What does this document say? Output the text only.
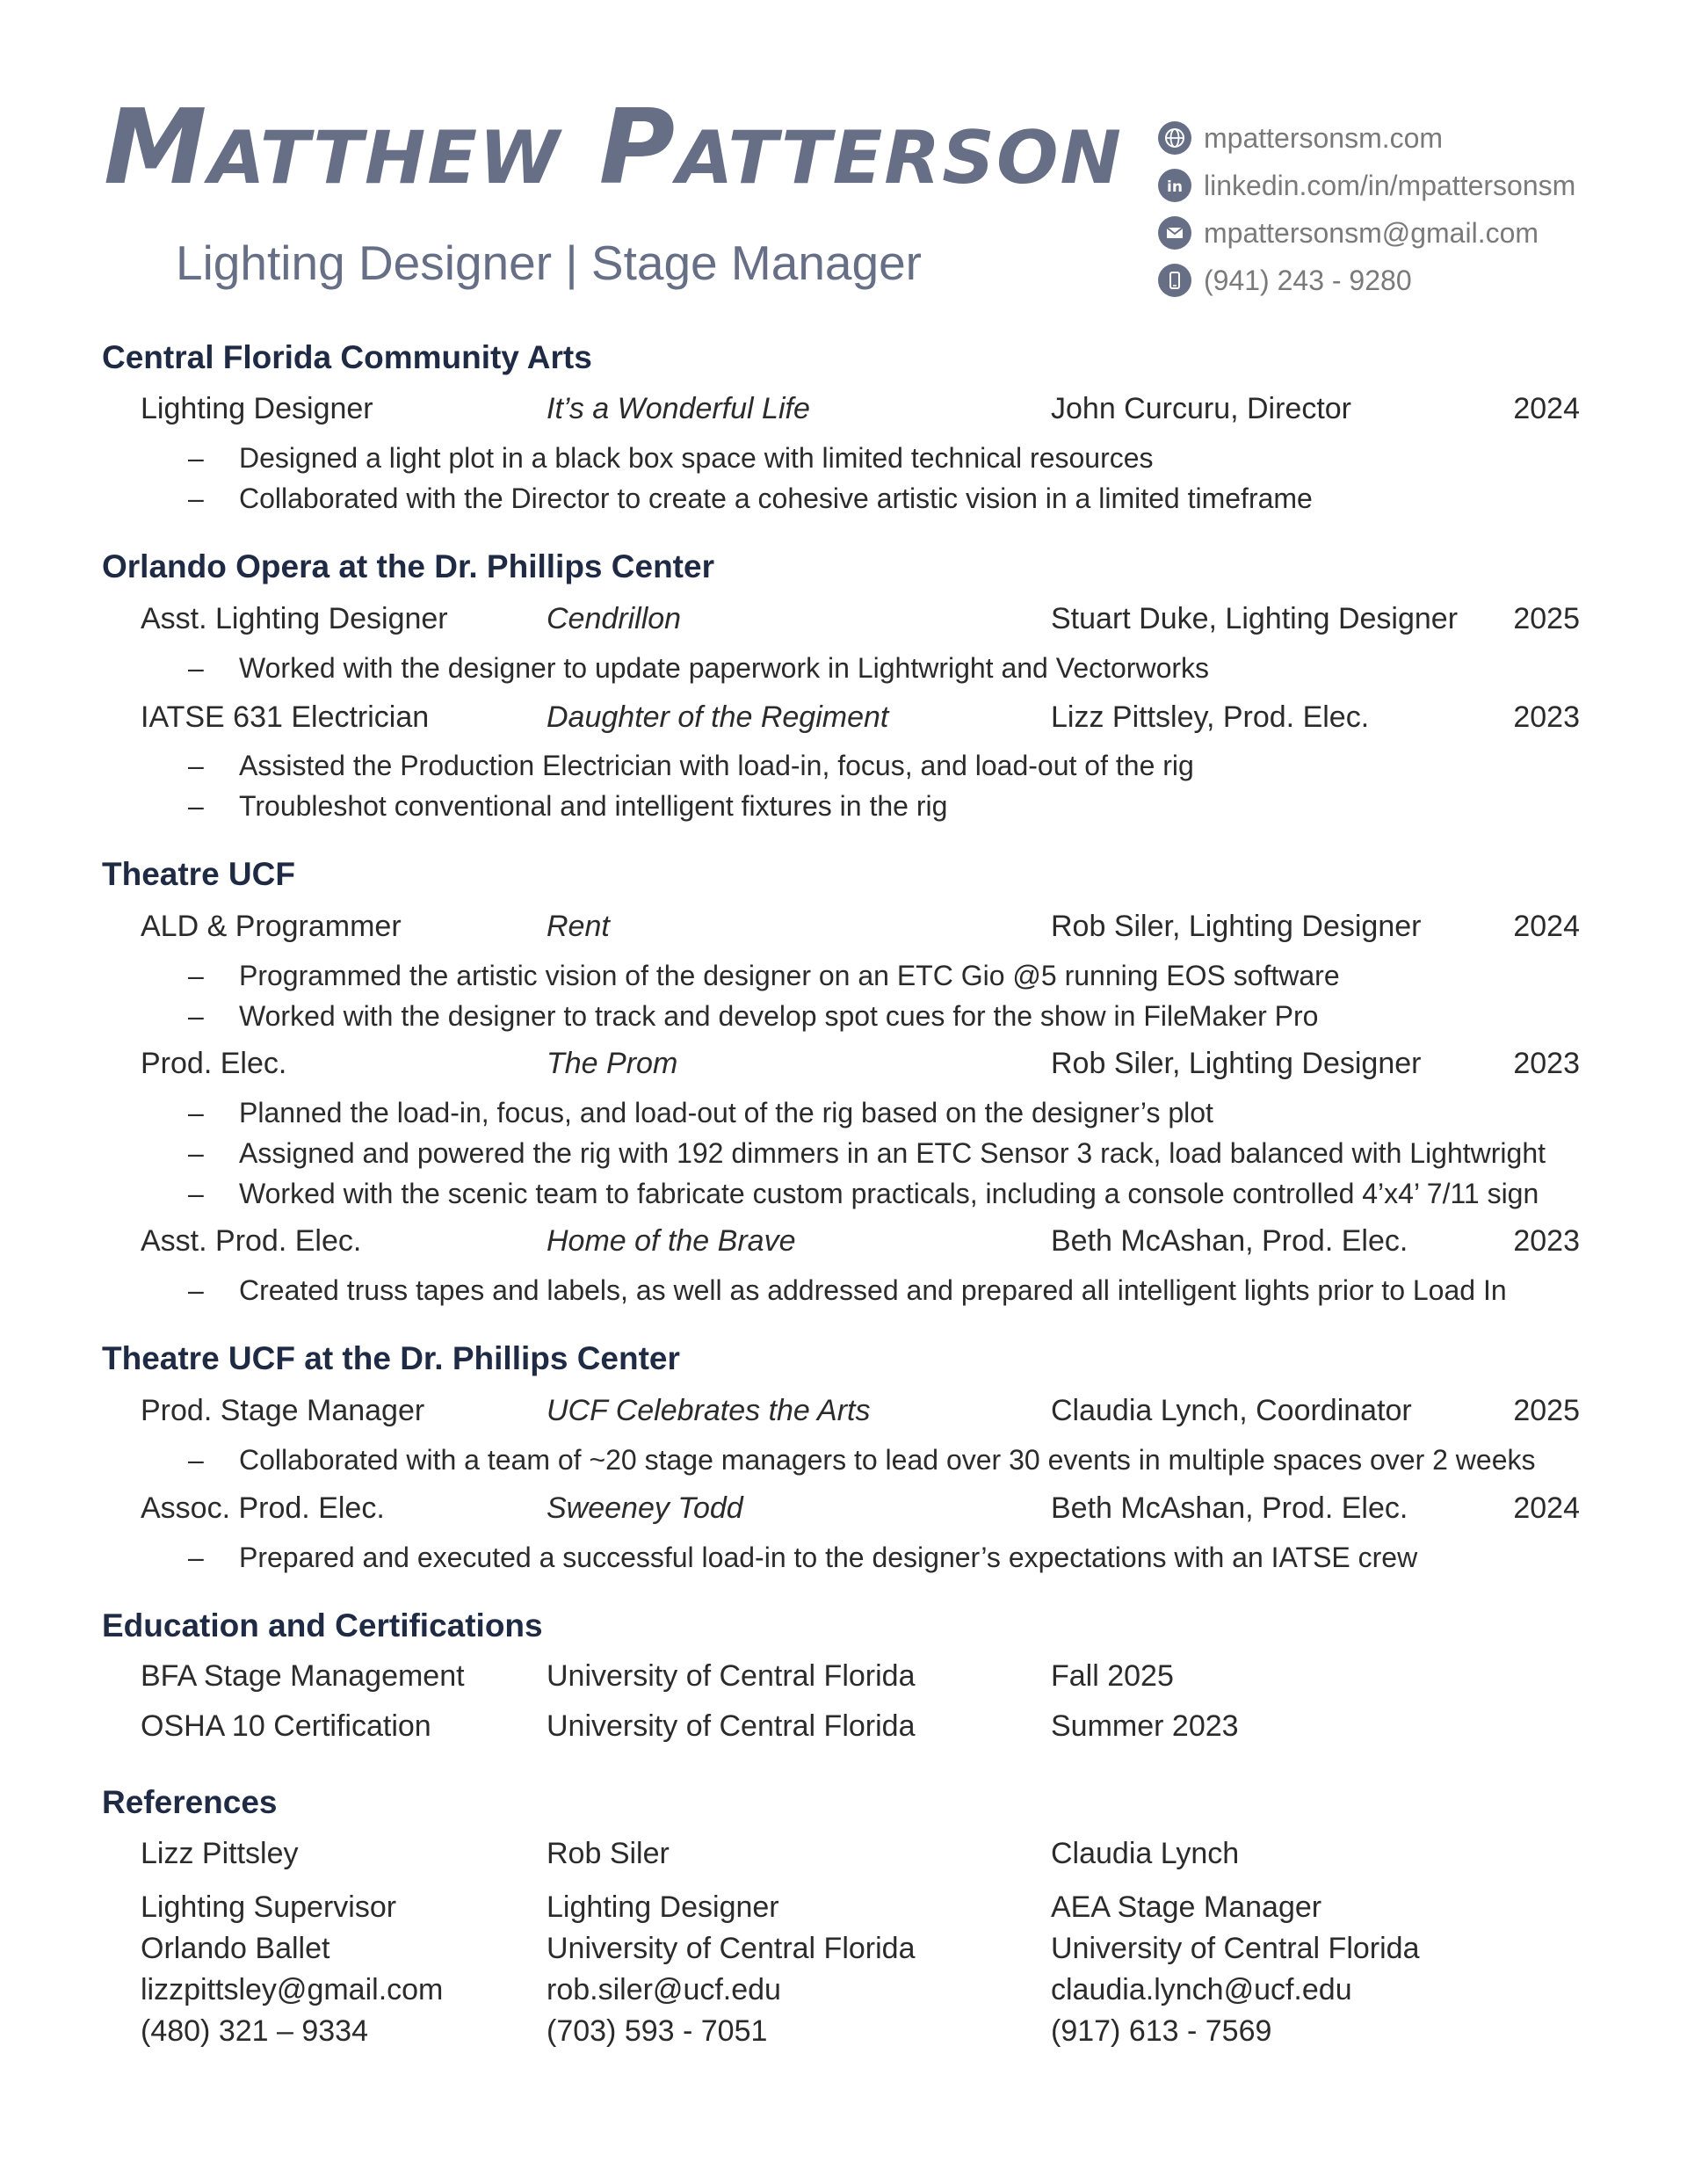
Matthew Patterson
Lighting Designer | Stage Manager
mpattersonsm.com
in linkedin.com/in/mpattersonsm
mpattersonsm@gmail.com
(941) 243 - 9280
Central Florida Community Arts
Lighting Designer	It’s a Wonderful Life	John Curcuru, Director	2024
– Designed a light plot in a black box space with limited technical resources
– Collaborated with the Director to create a cohesive artistic vision in a limited timeframe
Orlando Opera at the Dr. Phillips Center
Asst. Lighting Designer	Cendrillon	Stuart Duke, Lighting Designer 2025
– Worked with the designer to update paperwork in Lightwright and Vectorworks
IATSE 631 Electrician	Daughter of the Regiment	Lizz Pittsley, Prod. Elec.	2023
– Assisted the Production Electrician with load-in, focus, and load-out of the rig
– Troubleshot conventional and intelligent fixtures in the rig
Theatre UCF
ALD & Programmer	Rent	Rob Siler, Lighting Designer	2024
– Programmed the artistic vision of the designer on an ETC Gio @5 running EOS software
– Worked with the designer to track and develop spot cues for the show in FileMaker Pro
Prod. Elec.	The Prom	Rob Siler, Lighting Designer	2023
– Planned the load-in, focus, and load-out of the rig based on the designer’s plot
– Assigned and powered the rig with 192 dimmers in an ETC Sensor 3 rack, load balanced with Lightwright
– Worked with the scenic team to fabricate custom practicals, including a console controlled 4’x4’ 7/11 sign
Asst. Prod. Elec.	Home of the Brave	Beth McAshan, Prod. Elec.	2023
– Created truss tapes and labels, as well as addressed and prepared all intelligent lights prior to Load In
Theatre UCF at the Dr. Phillips Center
Prod. Stage Manager	UCF Celebrates the Arts	Claudia Lynch, Coordinator	2025
– Collaborated with a team of ~20 stage managers to lead over 30 events in multiple spaces over 2 weeks
Assoc. Prod. Elec.	Sweeney Todd	Beth McAshan, Prod. Elec.	2024
– Prepared and executed a successful load-in to the designer’s expectations with an IATSE crew
Education and Certifications
BFA Stage Management	University of Central Florida	Fall 2025
OSHA 10 Certification	University of Central Florida	Summer 2023
References
Lizz Pittsley
Lighting Supervisor
Orlando Ballet
lizzpittsley@gmail.com
(480) 321 – 9334
Rob Siler
Lighting Designer
University of Central Florida
rob.siler@ucf.edu
(703) 593 - 7051
Claudia Lynch
AEA Stage Manager
University of Central Florida
claudia.lynch@ucf.edu
(917) 613 - 7569
